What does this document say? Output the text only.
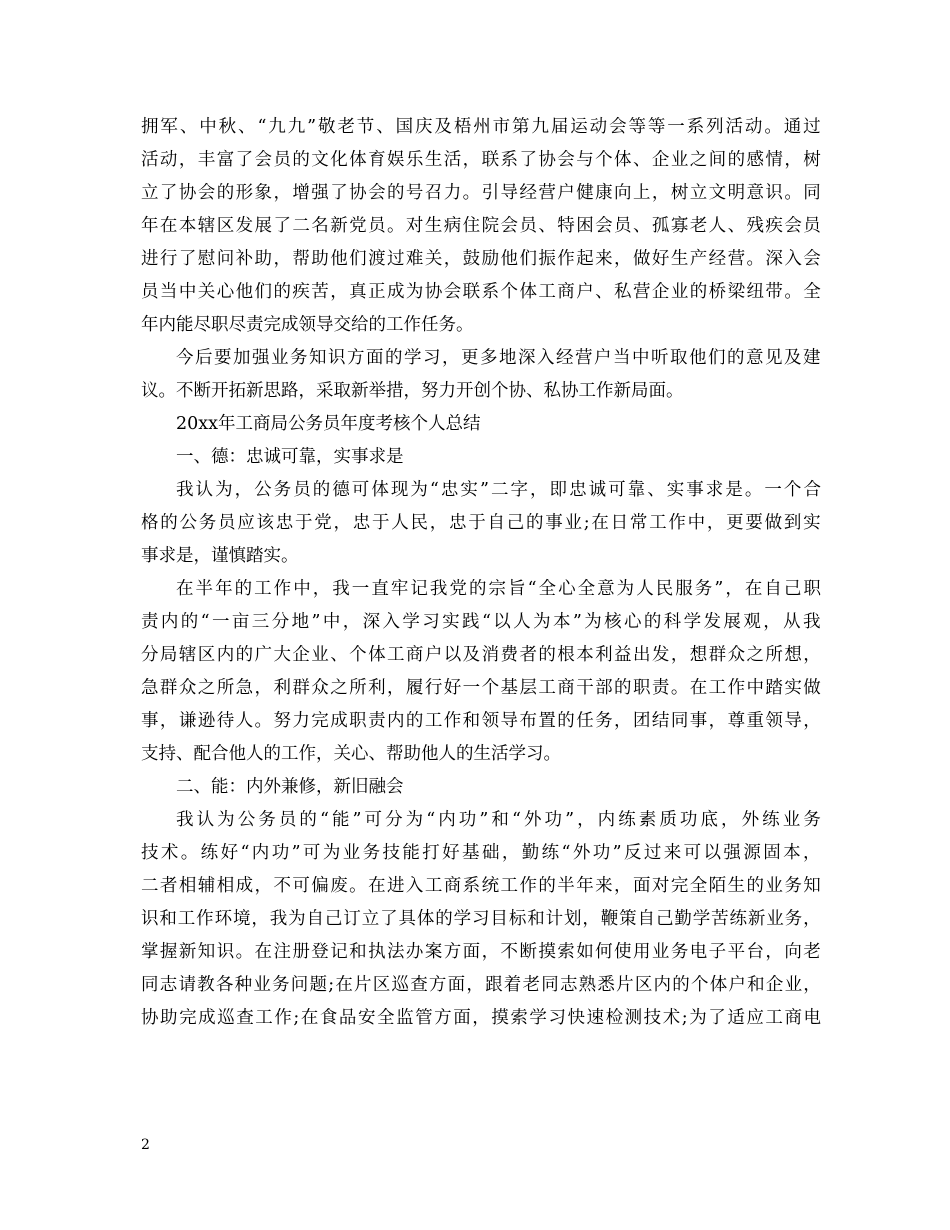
拥 军 、 中 秋 、 “ 九 九 ” 敬 老 节 、 国 庆 及 梧 州 市 第 九 届 运 动 会 等 等 一 系 列 活 动 。 通 过
活 动 ， 丰 富 了 会 员 的 文 化 体 育 娱 乐 生 活 ， 联 系 了 协 会 与 个 体 、 企 业 之 间 的 感 情 ， 树
立 了 协 会 的 形 象 ， 增 强 了 协 会 的 号 召 力 。 引 导 经 营 户 健 康 向 上 ， 树 立 文 明 意 识 。 同
年 在 本 辖 区 发 展 了 二 名 新 党 员 。 对 生 病 住 院 会 员 、 特 困 会 员 、 孤 寡 老 人 、 残 疾 会 员
进 行 了 慰 问 补 助 ， 帮 助 他 们 渡 过 难 关 ， 鼓 励 他 们 振 作 起 来 ， 做 好 生 产 经 营 。 深 入 会
员 当 中 关 心 他 们 的 疾 苦 ， 真 正 成 为 协 会 联 系 个 体 工 商 户 、 私 营 企 业 的 桥 梁 纽 带 。 全
年内能尽职尽责完成领导交给的工作任务。
今 后 要 加 强 业 务 知 识 方 面 的 学 习 ， 更 多 地 深 入 经 营 户 当 中 听 取 他 们 的 意 见 及 建
议。不断开拓新思路，采取新举措，努力开创个协、私协工作新局面。
20xx年工商局公务员年度考核个人总结
一、德：忠诚可靠，实事求是
我 认 为 ， 公 务 员 的 德 可 体 现 为 “ 忠 实 ” 二 字 ， 即 忠 诚 可 靠 、 实 事 求 是 。 一 个 合
格 的 公 务 员 应 该 忠 于 党 ， 忠 于 人 民 ， 忠 于 自 己 的 事 业 ; 在 日 常 工 作 中 ， 更 要 做 到 实
事求是，谨慎踏实。
在 半 年 的 工 作 中 ， 我 一 直 牢 记 我 党 的 宗 旨 “ 全 心 全 意 为 人 民 服 务 ” ， 在 自 己 职
责 内 的 “ 一 亩 三 分 地 ” 中 ， 深 入 学 习 实 践 “ 以 人 为 本 ” 为 核 心 的 科 学 发 展 观 ， 从 我
分 局 辖 区 内 的 广 大 企 业 、 个 体 工 商 户 以 及 消 费 者 的 根 本 利 益 出 发 ， 想 群 众 之 所 想 ，
急 群 众 之 所 急 ， 利 群 众 之 所 利 ， 履 行 好 一 个 基 层 工 商 干 部 的 职 责 。 在 工 作 中 踏 实 做
事 ， 谦 逊 待 人 。 努 力 完 成 职 责 内 的 工 作 和 领 导 布 置 的 任 务 ， 团 结 同 事 ， 尊 重 领 导 ，
支持、配合他人的工作，关心、帮助他人的生活学习。
二、能：内外兼修，新旧融会
我 认 为 公 务 员 的 “ 能 ” 可 分 为 “ 内 功 ” 和 “ 外 功 ” ， 内 练 素 质 功 底 ， 外 练 业 务
技 术 。 练 好 “ 内 功 ” 可 为 业 务 技 能 打 好 基 础 ， 勤 练 “ 外 功 ” 反 过 来 可 以 强 源 固 本 ，
二 者 相 辅 相 成 ， 不 可 偏 废 。 在 进 入 工 商 系 统 工 作 的 半 年 来 ， 面 对 完 全 陌 生 的 业 务 知
识 和 工 作 环 境 ， 我 为 自 己 订 立 了 具 体 的 学 习 目 标 和 计 划 ， 鞭 策 自 己 勤 学 苦 练 新 业 务 ，
掌 握 新 知 识 。 在 注 册 登 记 和 执 法 办 案 方 面 ， 不 断 摸 索 如 何 使 用 业 务 电 子 平 台 ， 向 老
同 志 请 教 各 种 业 务 问 题 ; 在 片 区 巡 查 方 面 ， 跟 着 老 同 志 熟 悉 片 区 内 的 个 体 户 和 企 业 ，
协 助 完 成 巡 查 工 作 ; 在 食 品 安 全 监 管 方 面 ， 摸 索 学 习 快 速 检 测 技 术 ; 为 了 适 应 工 商 电
2
